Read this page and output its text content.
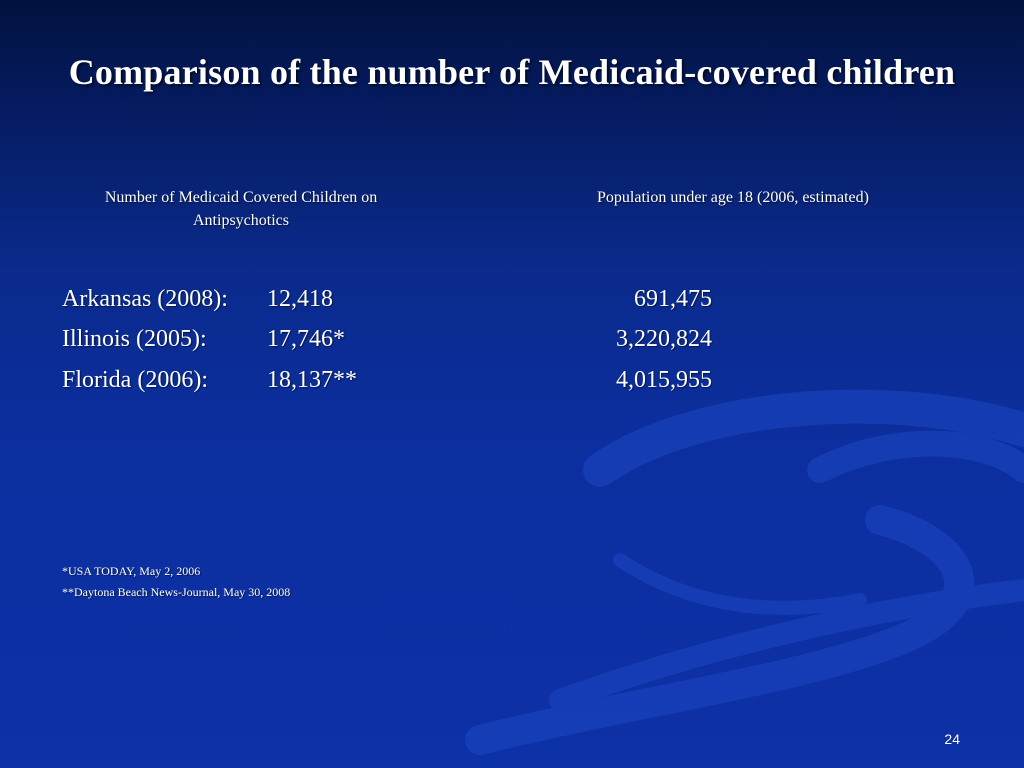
Comparison of the number of Medicaid-covered children
Number of Medicaid Covered Children on Antipsychotics
Population under age 18 (2006, estimated)
Arkansas (2008): 12,418	691,475
Illinois (2005):	17,746*	3,220,824
Florida (2006): 18,137**	4,015,955
*USA TODAY, May 2, 2006
**Daytona Beach News-Journal, May 30, 2008
24
